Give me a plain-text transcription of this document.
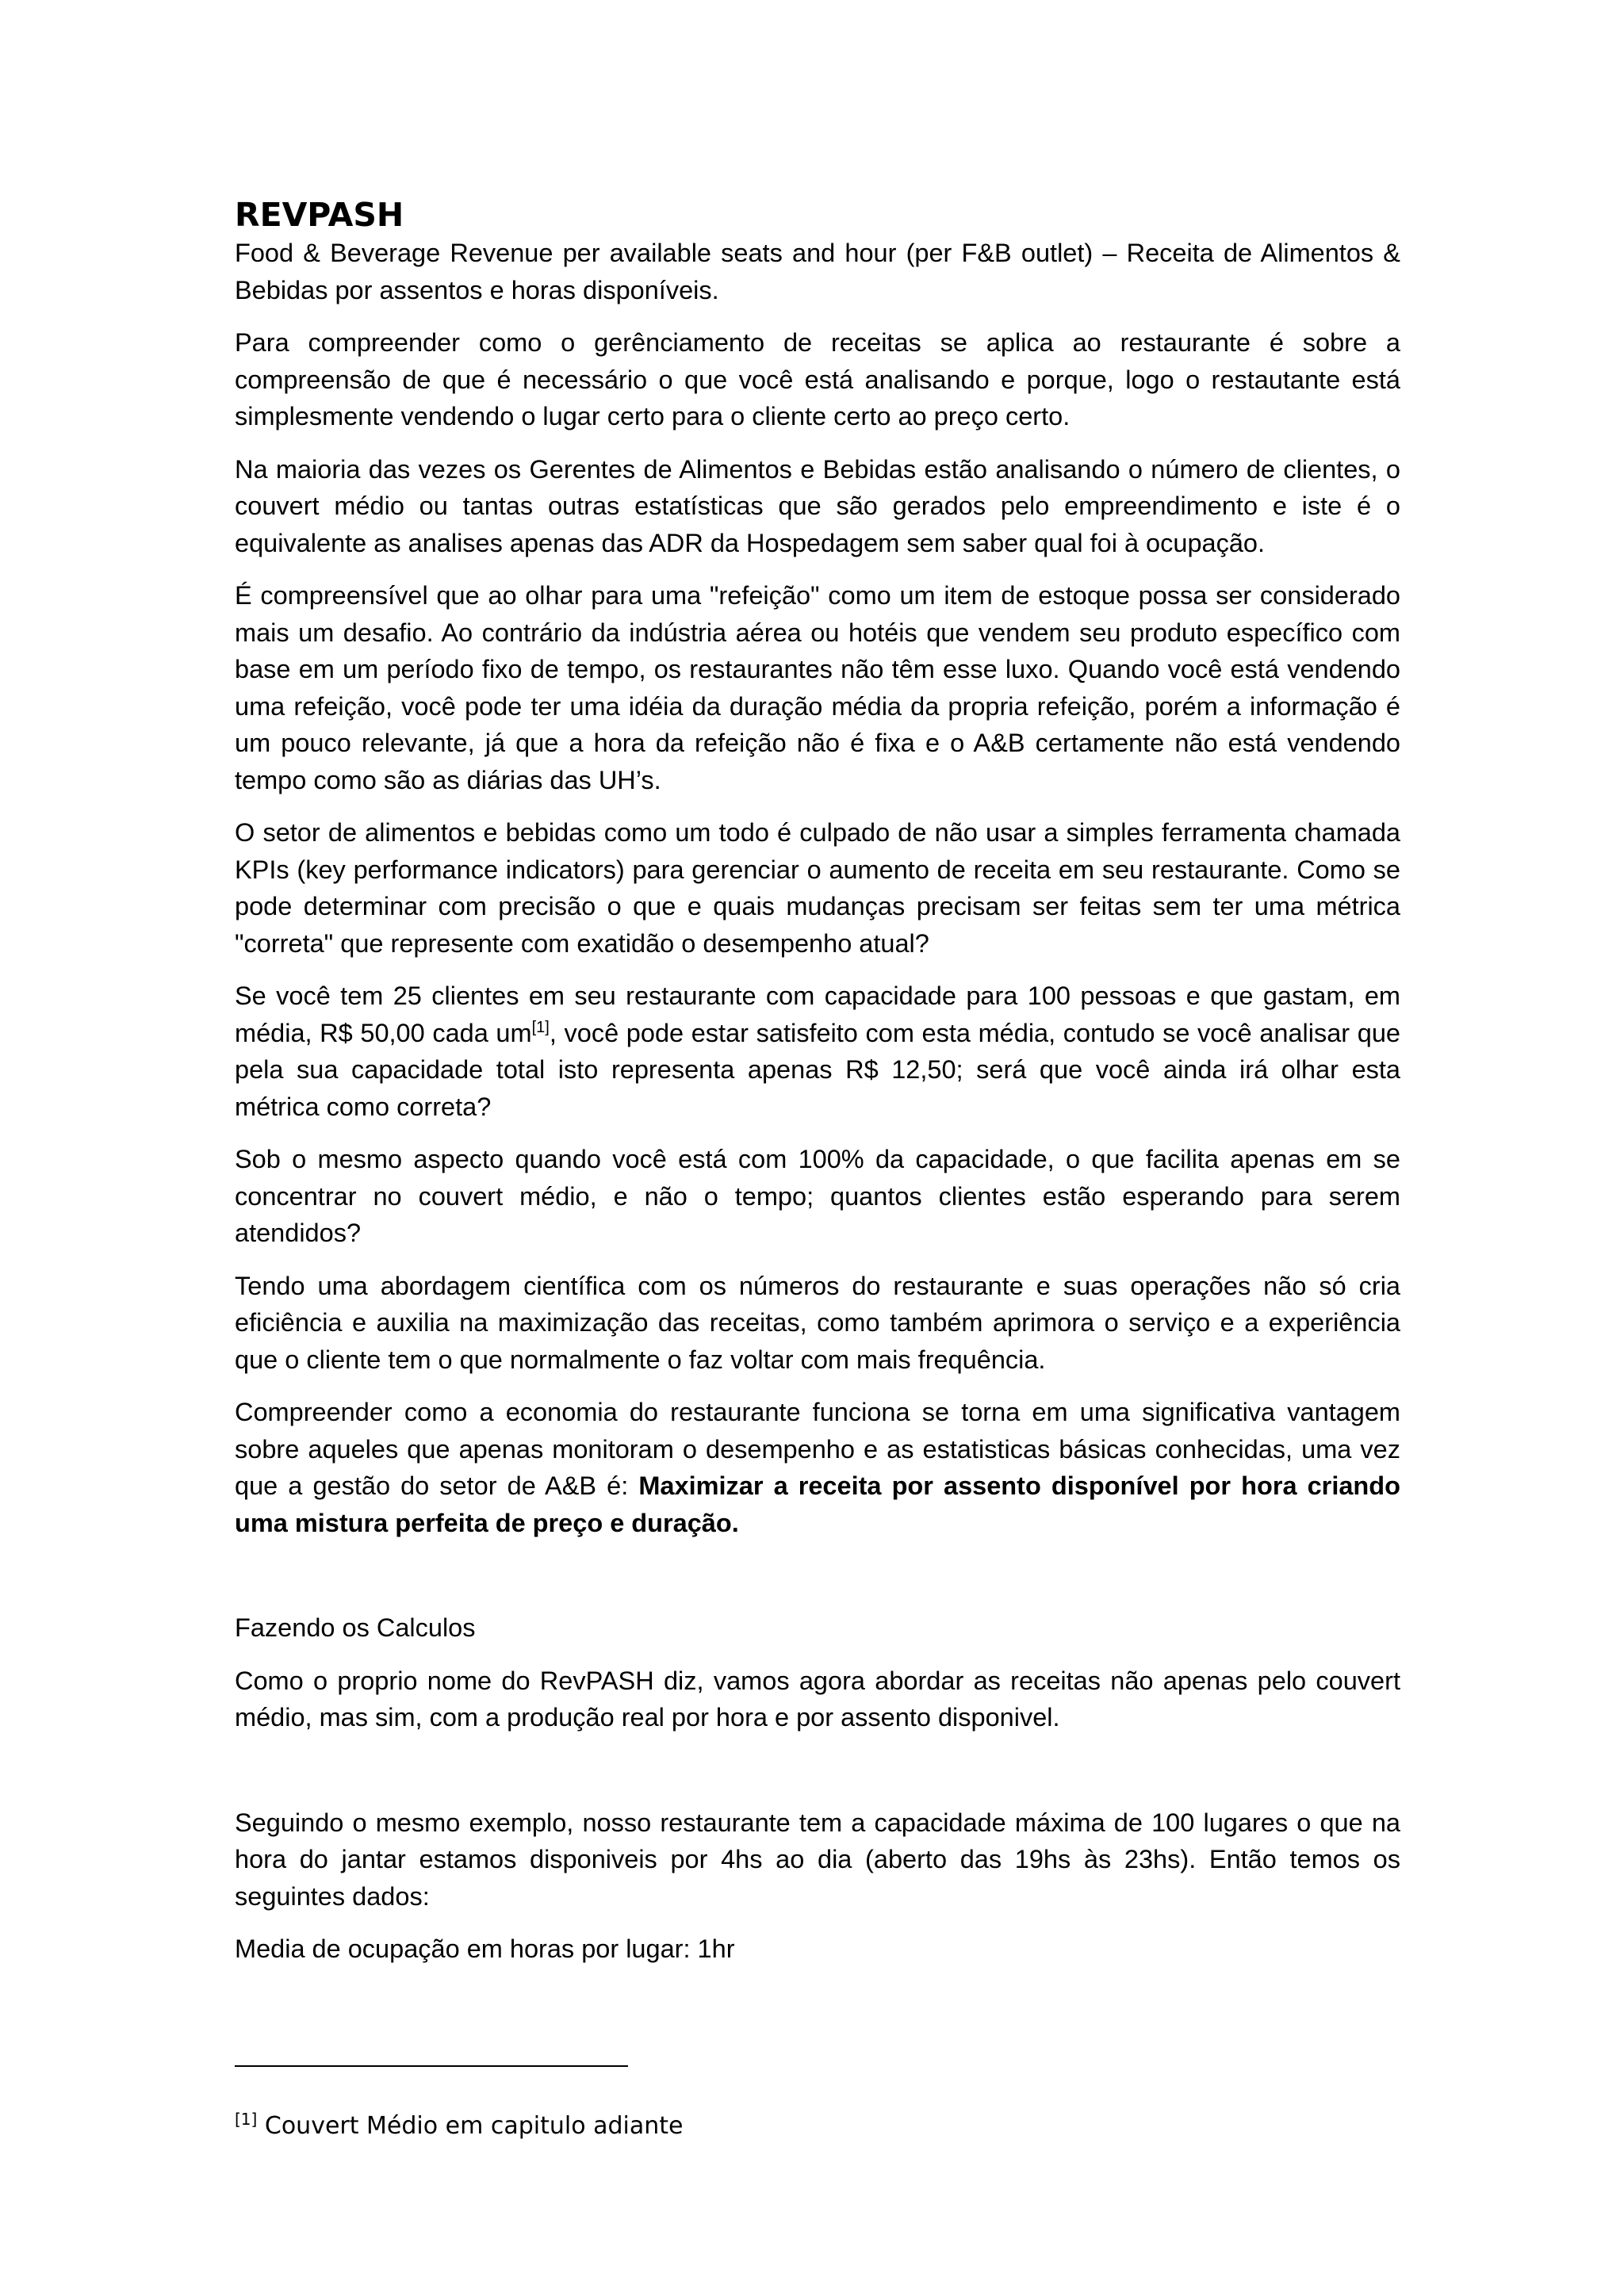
REVPASH

Food & Beverage Revenue per available seats and hour (per F&B outlet) – Receita de Alimentos & Bebidas por assentos e horas disponíveis.

Para compreender como o gerênciamento de receitas se aplica ao restaurante é sobre a compreensão de que é necessário o que você está analisando e porque, logo o restautante está simplesmente vendendo o lugar certo para o cliente certo ao preço certo.

Na maioria das vezes os Gerentes de Alimentos e Bebidas estão analisando o número de clientes, o couvert médio ou tantas outras estatísticas que são gerados pelo empreendimento e iste é o equivalente as analises apenas das ADR da Hospedagem sem saber qual foi à ocupação.

É compreensível que ao olhar para uma "refeição" como um item de estoque possa ser considerado mais um desafio. Ao contrário da indústria aérea ou hotéis que vendem seu produto específico com base em um período fixo de tempo, os restaurantes não têm esse luxo. Quando você está vendendo uma refeição, você pode ter uma idéia da duração média da propria refeição, porém a informação é um pouco relevante, já que a hora da refeição não é fixa e o A&B certamente não está vendendo tempo como são as diárias das UH’s.

O setor de alimentos e bebidas como um todo é culpado de não usar a simples ferramenta chamada KPIs (key performance indicators) para gerenciar o aumento de receita em seu restaurante. Como se pode determinar com precisão o que e quais mudanças precisam ser feitas sem ter uma métrica "correta" que represente com exatidão o desempenho atual?

Se você tem 25 clientes em seu restaurante com capacidade para 100 pessoas e que gastam, em média, R$ 50,00 cada um[1], você pode estar satisfeito com esta média, contudo se você analisar que pela sua capacidade total isto representa apenas R$ 12,50; será que você ainda irá olhar esta métrica como correta?

Sob o mesmo aspecto quando você está com 100% da capacidade, o que facilita apenas em se concentrar no couvert médio, e não o tempo; quantos clientes estão esperando para serem atendidos?

Tendo uma abordagem científica com os números do restaurante e suas operações não só cria eficiência e auxilia na maximização das receitas, como também aprimora o serviço e a experiência que o cliente tem o que normalmente o faz voltar com mais frequência.

Compreender como a economia do restaurante funciona se torna em uma significativa vantagem sobre aqueles que apenas monitoram o desempenho e as estatisticas básicas conhecidas, uma vez que a gestão do setor de A&B é: Maximizar a receita por assento disponível por hora criando uma mistura perfeita de preço e duração.

Fazendo os Calculos

Como o proprio nome do RevPASH diz, vamos agora abordar as receitas não apenas pelo couvert médio, mas sim, com a produção real por hora e por assento disponivel.

Seguindo o mesmo exemplo, nosso restaurante tem a capacidade máxima de 100 lugares o que na hora do jantar estamos disponiveis por 4hs ao dia (aberto das 19hs às 23hs). Então temos os seguintes dados:

Media de ocupação em horas por lugar: 1hr

[1] Couvert Médio em capitulo adiante
